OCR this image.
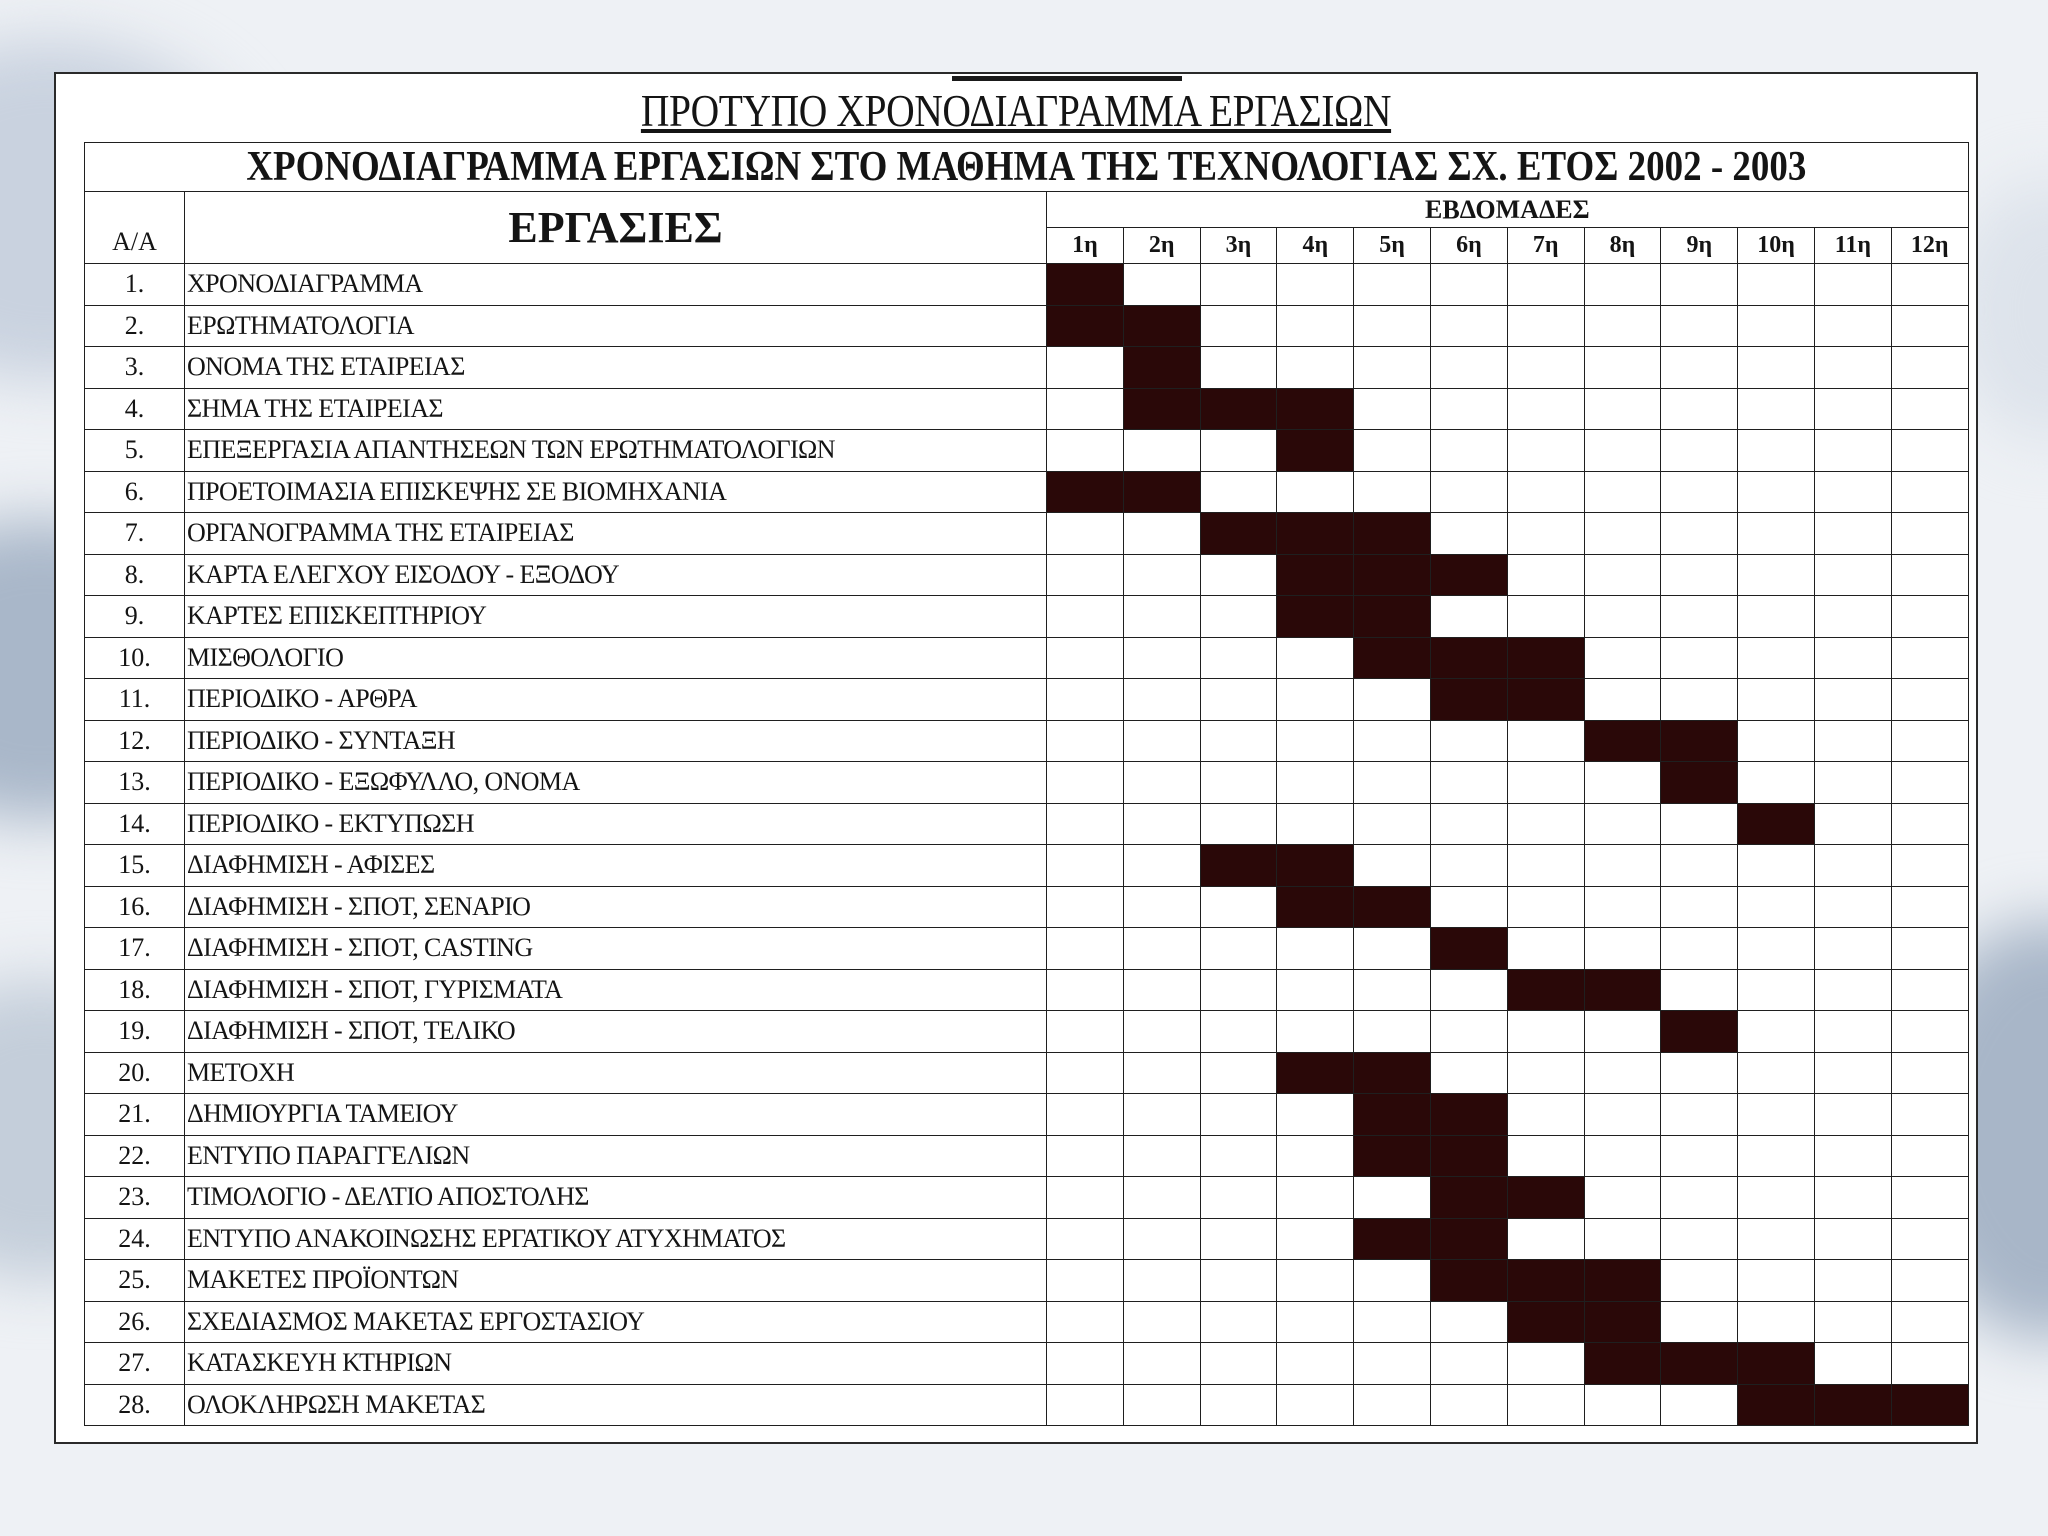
ΠΡΟΤΥΠΟ ΧΡΟΝΟΔΙΑΓΡΑΜΜΑ ΕΡΓΑΣΙΩΝ
ΧΡΟΝΟΔΙΑΓΡΑΜΜΑ ΕΡΓΑΣΙΩΝ ΣΤΟ ΜΑΘΗΜΑ ΤΗΣ ΤΕΧΝΟΛΟΓΙΑΣ ΣΧ. ΕΤΟΣ 2002 - 2003													

Α/Α	ΕΡΓΑΣΙΕΣ	ΕΒΔΟΜΑΔΕΣ											
		1η	2η	3η	4η	5η	6η	7η	8η	9η	10η	11η	12η
1.	ΧΡΟΝΟΔΙΑΓΡΑΜΜΑ												
2.	ΕΡΩΤΗΜΑΤΟΛΟΓΙΑ												
3.	ΟΝΟΜΑ ΤΗΣ ΕΤΑΙΡΕΙΑΣ												
4.	ΣΗΜΑ ΤΗΣ ΕΤΑΙΡΕΙΑΣ												
5.	ΕΠΕΞΕΡΓΑΣΙΑ ΑΠΑΝΤΗΣΕΩΝ ΤΩΝ ΕΡΩΤΗΜΑΤΟΛΟΓΙΩΝ												
6.	ΠΡΟΕΤΟΙΜΑΣΙΑ ΕΠΙΣΚΕΨΗΣ ΣΕ ΒΙΟΜΗΧΑΝΙΑ												
7.	ΟΡΓΑΝΟΓΡΑΜΜΑ ΤΗΣ ΕΤΑΙΡΕΙΑΣ												
8.	ΚΑΡΤΑ ΕΛΕΓΧΟΥ ΕΙΣΟΔΟΥ - ΕΞΟΔΟΥ												
9.	ΚΑΡΤΕΣ ΕΠΙΣΚΕΠΤΗΡΙΟΥ												
10.	ΜΙΣΘΟΛΟΓΙΟ												
11.	ΠΕΡΙΟΔΙΚΟ - ΑΡΘΡΑ												
12.	ΠΕΡΙΟΔΙΚΟ - ΣΥΝΤΑΞΗ												
13.	ΠΕΡΙΟΔΙΚΟ - ΕΞΩΦΥΛΛΟ, ΟΝΟΜΑ												
14.	ΠΕΡΙΟΔΙΚΟ - ΕΚΤΥΠΩΣΗ												
15.	ΔΙΑΦΗΜΙΣΗ - ΑΦΙΣΕΣ												
16.	ΔΙΑΦΗΜΙΣΗ - ΣΠΟΤ, ΣΕΝΑΡΙΟ												
17.	ΔΙΑΦΗΜΙΣΗ - ΣΠΟΤ, CASTING												
18.	ΔΙΑΦΗΜΙΣΗ - ΣΠΟΤ, ΓΥΡΙΣΜΑΤΑ												
19.	ΔΙΑΦΗΜΙΣΗ - ΣΠΟΤ, ΤΕΛΙΚΟ												
20.	ΜΕΤΟΧΗ												
21.	ΔΗΜΙΟΥΡΓΙΑ ΤΑΜΕΙΟΥ												
22.	ΕΝΤΥΠΟ ΠΑΡΑΓΓΕΛΙΩΝ												
23.	ΤΙΜΟΛΟΓΙΟ - ΔΕΛΤΙΟ ΑΠΟΣΤΟΛΗΣ												
24.	ΕΝΤΥΠΟ ΑΝΑΚΟΙΝΩΣΗΣ ΕΡΓΑΤΙΚΟΥ ΑΤΥΧΗΜΑΤΟΣ												
25.	ΜΑΚΕΤΕΣ ΠΡΟΪΟΝΤΩΝ												
26.	ΣΧΕΔΙΑΣΜΟΣ ΜΑΚΕΤΑΣ ΕΡΓΟΣΤΑΣΙΟΥ												
27.	ΚΑΤΑΣΚΕΥΗ ΚΤΗΡΙΩΝ												
28.	ΟΛΟΚΛΗΡΩΣΗ ΜΑΚΕΤΑΣ												
